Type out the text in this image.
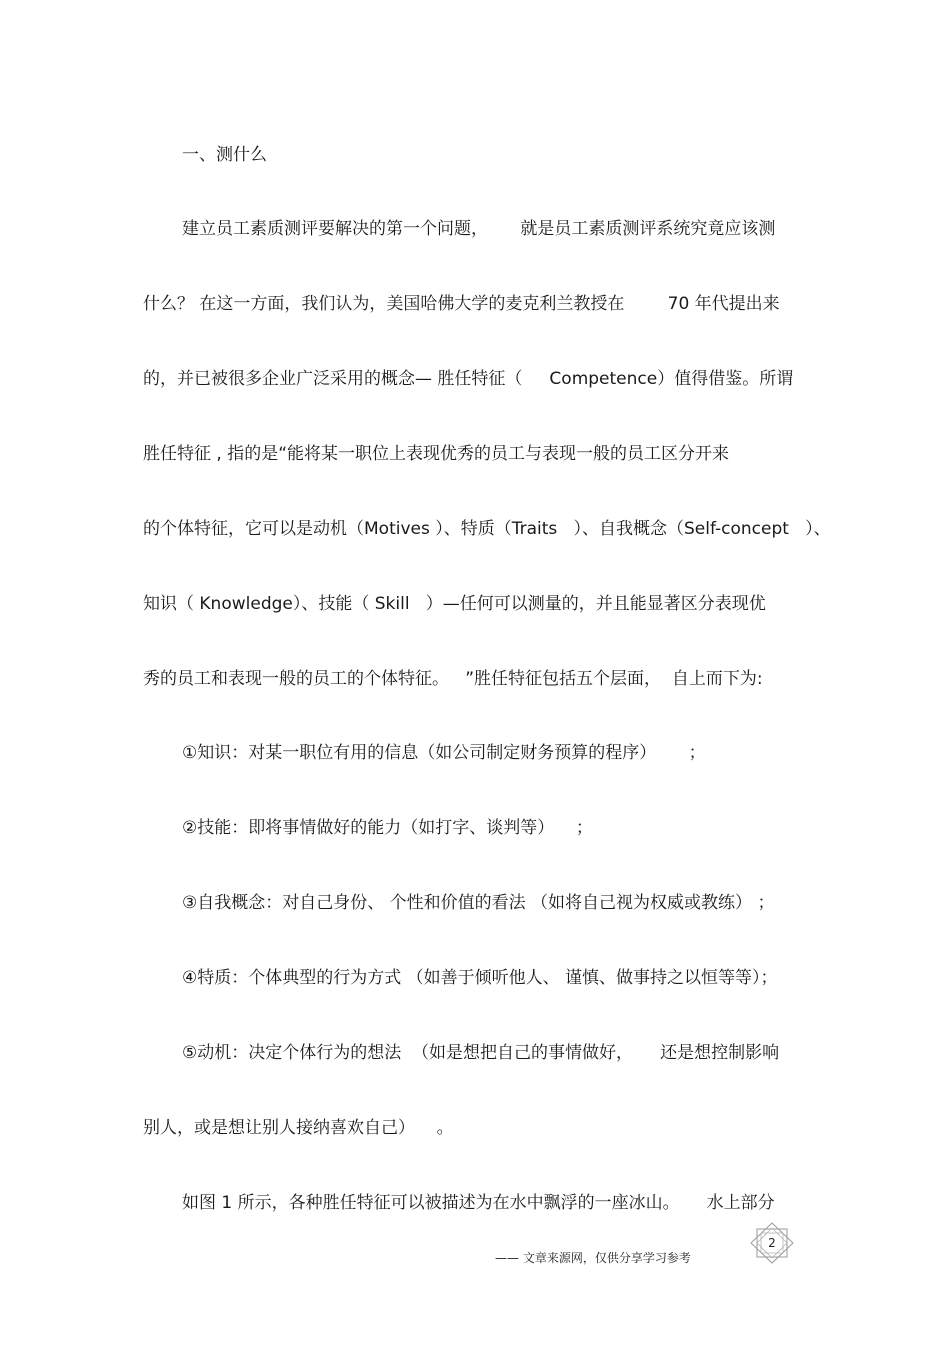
一、测什么
建立员工素质测评要解决的第一个问题，      就是员工素质测评系统究竟应该测
什么？ 在这一方面，我们认为，美国哈佛大学的麦克利兰教授在        70 年代提出来
的，并已被很多企业广泛采用的概念— 胜任特征（     Competence）值得借鉴。所谓
胜任特征 , 指的是“能将某一职位上表现优秀的员工与表现一般的员工区分开来
的个体特征，它可以是动机（Motives ）、特质（Traits   ）、自我概念（Self-concept   ）、
知识（ Knowledge）、技能（ Skill   ）—任何可以测量的，并且能显著区分表现优
秀的员工和表现一般的员工的个体特征。   ”胜任特征包括五个层面，  自上而下为:
①知识：对某一职位有用的信息（如公司制定财务预算的程序）      ；
②技能：即将事情做好的能力（如打字、谈判等）    ；
③自我概念：对自己身份、 个性和价值的看法 （如将自己视为权威或教练） ；
④特质：个体典型的行为方式 （如善于倾听他人、 谨慎、做事持之以恒等等）；
⑤动机：决定个体行为的想法  （如是想把自己的事情做好，     还是想控制影响
别人，或是想让别人接纳喜欢自己）    。
如图 1 所示，各种胜任特征可以被描述为在水中飘浮的一座冰山。     水上部分
—— 文章来源网，仅供分享学习参考
2
